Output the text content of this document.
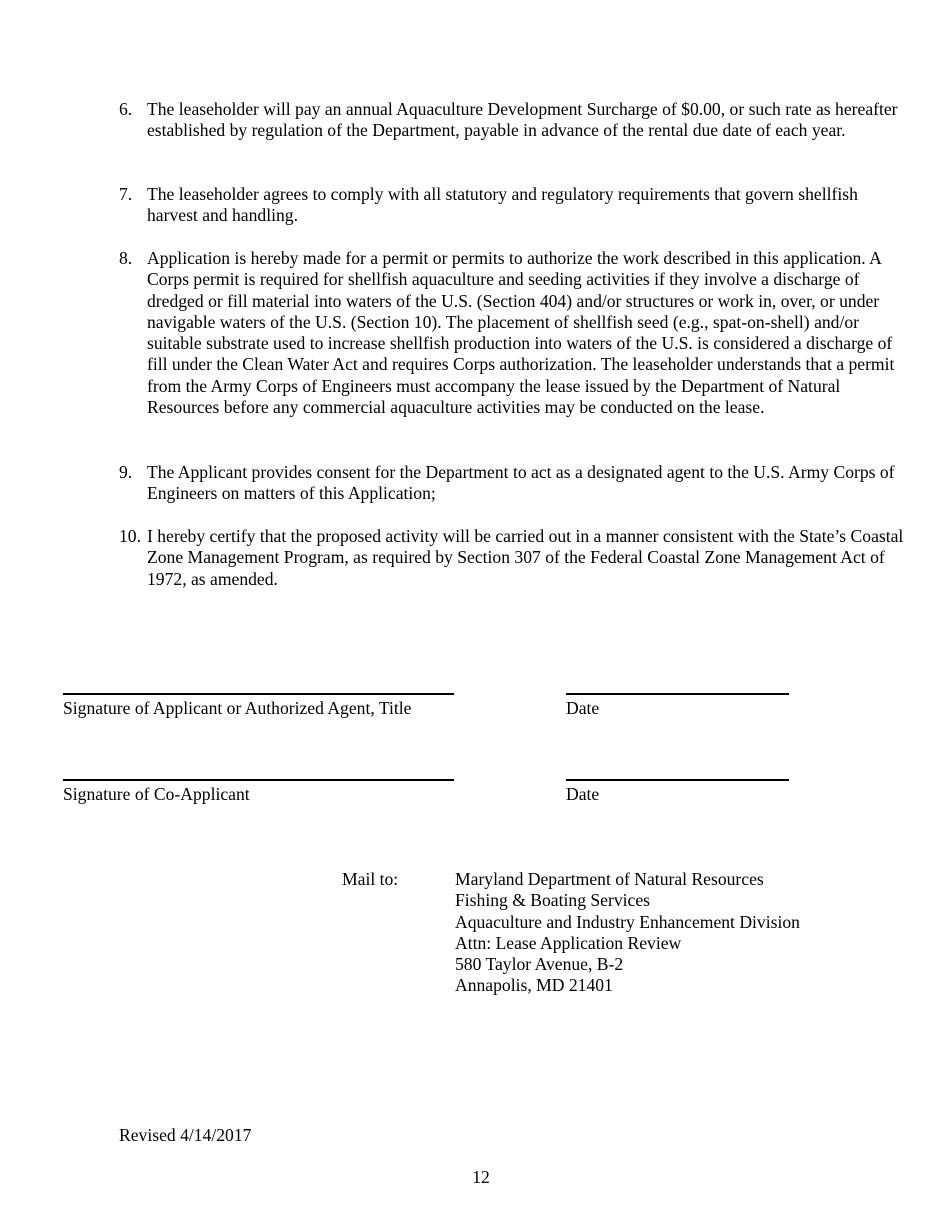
6. The leaseholder will pay an annual Aquaculture Development Surcharge of $0.00, or such rate as hereafter established by regulation of the Department, payable in advance of the rental due date of each year.
7. The leaseholder agrees to comply with all statutory and regulatory requirements that govern shellfish harvest and handling.
8. Application is hereby made for a permit or permits to authorize the work described in this application. A Corps permit is required for shellfish aquaculture and seeding activities if they involve a discharge of dredged or fill material into waters of the U.S. (Section 404) and/or structures or work in, over, or under navigable waters of the U.S. (Section 10). The placement of shellfish seed (e.g., spat-on-shell) and/or suitable substrate used to increase shellfish production into waters of the U.S. is considered a discharge of fill under the Clean Water Act and requires Corps authorization. The leaseholder understands that a permit from the Army Corps of Engineers must accompany the lease issued by the Department of Natural Resources before any commercial aquaculture activities may be conducted on the lease.
9. The Applicant provides consent for the Department to act as a designated agent to the U.S. Army Corps of Engineers on matters of this Application;
10. I hereby certify that the proposed activity will be carried out in a manner consistent with the State’s Coastal Zone Management Program, as required by Section 307 of the Federal Coastal Zone Management Act of 1972, as amended.
Signature of Applicant or Authorized Agent, Title	Date
Signature of Co-Applicant	Date
Mail to:	Maryland Department of Natural Resources
Fishing & Boating Services
Aquaculture and Industry Enhancement Division
Attn: Lease Application Review
580 Taylor Avenue, B-2
Annapolis, MD 21401
Revised 4/14/2017
12
